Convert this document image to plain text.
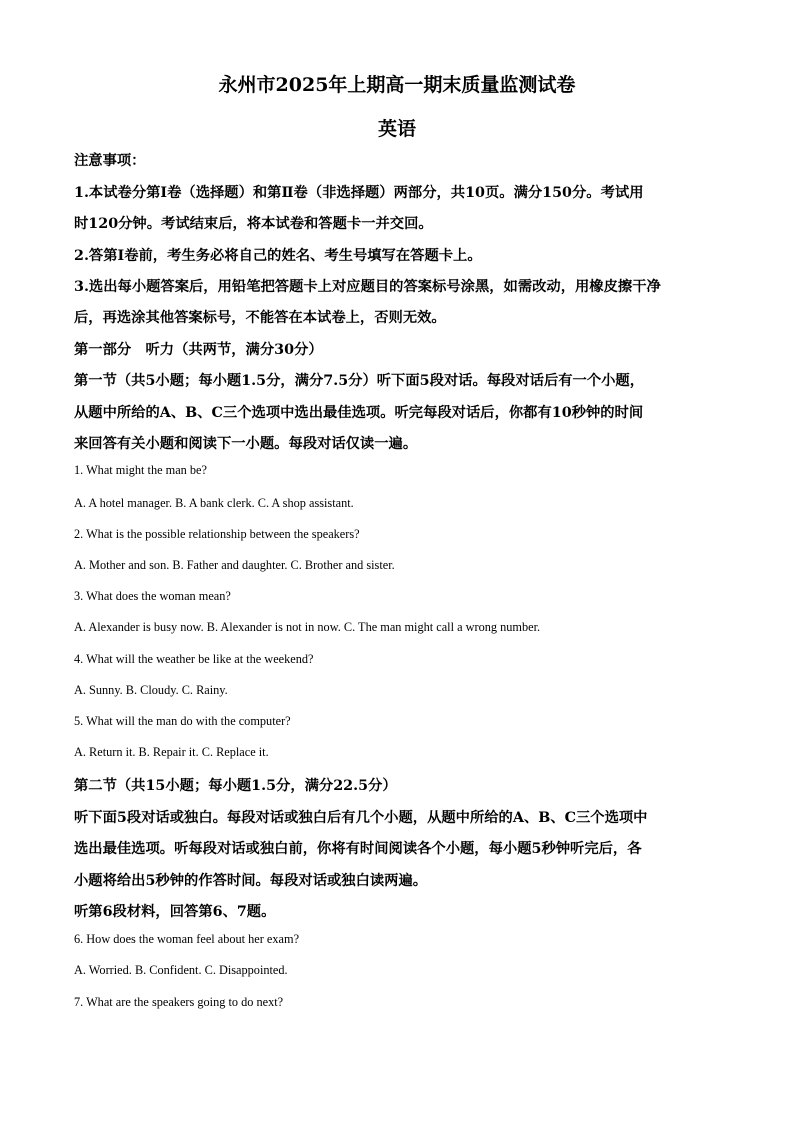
永州市2025年上期高一期末质量监测试卷
英语
注意事项：
1.本试卷分第Ⅰ卷（选择题）和第Ⅱ卷（非选择题）两部分，共10页。满分150分。考试用
时120分钟。考试结束后，将本试卷和答题卡一并交回。
2.答第Ⅰ卷前，考生务必将自己的姓名、考生号填写在答题卡上。
3.选出每小题答案后，用铅笔把答题卡上对应题目的答案标号涂黑，如需改动，用橡皮擦干净
后，再选涂其他答案标号，不能答在本试卷上，否则无效。
第一部分　听力（共两节，满分30分）
第一节（共5小题；每小题1.5分，满分7.5分）听下面5段对话。每段对话后有一个小题，
从题中所给的A、B、C三个选项中选出最佳选项。听完每段对话后，你都有10秒钟的时间
来回答有关小题和阅读下一小题。每段对话仅读一遍。
1. What might the man be?
A. A hotel manager. B. A bank clerk. C. A shop assistant.
2. What is the possible relationship between the speakers?
A. Mother and son. B. Father and daughter. C. Brother and sister.
3. What does the woman mean?
A. Alexander is busy now. B. Alexander is not in now. C. The man might call a wrong number.
4. What will the weather be like at the weekend?
A. Sunny. B. Cloudy. C. Rainy.
5. What will the man do with the computer?
A. Return it. B. Repair it. C. Replace it.
第二节（共15小题；每小题1.5分，满分22.5分）
听下面5段对话或独白。每段对话或独白后有几个小题，从题中所给的A、B、C三个选项中
选出最佳选项。听每段对话或独白前，你将有时间阅读各个小题，每小题5秒钟听完后，各
小题将给出5秒钟的作答时间。每段对话或独白读两遍。
听第6段材料，回答第6、7题。
6. How does the woman feel about her exam?
A. Worried. B. Confident. C. Disappointed.
7. What are the speakers going to do next?
